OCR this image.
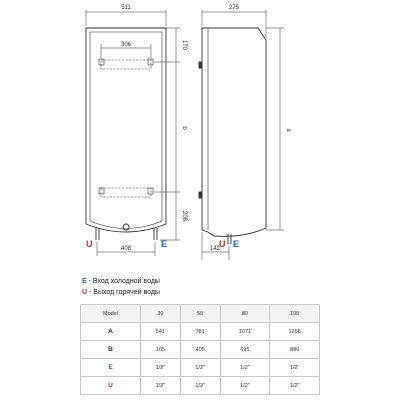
511
306	170
b
208
408
U	E
275
a
142
U E
E - Вход холодной воды
U - Выход горячей воды
Model	30	50	80	100
A	541	781	1071	1256
B	165	405	695	880
E	1/2"	1/2"	1/2"	1/2"
U	1/2"	1/2"	1/2"	1/2"
